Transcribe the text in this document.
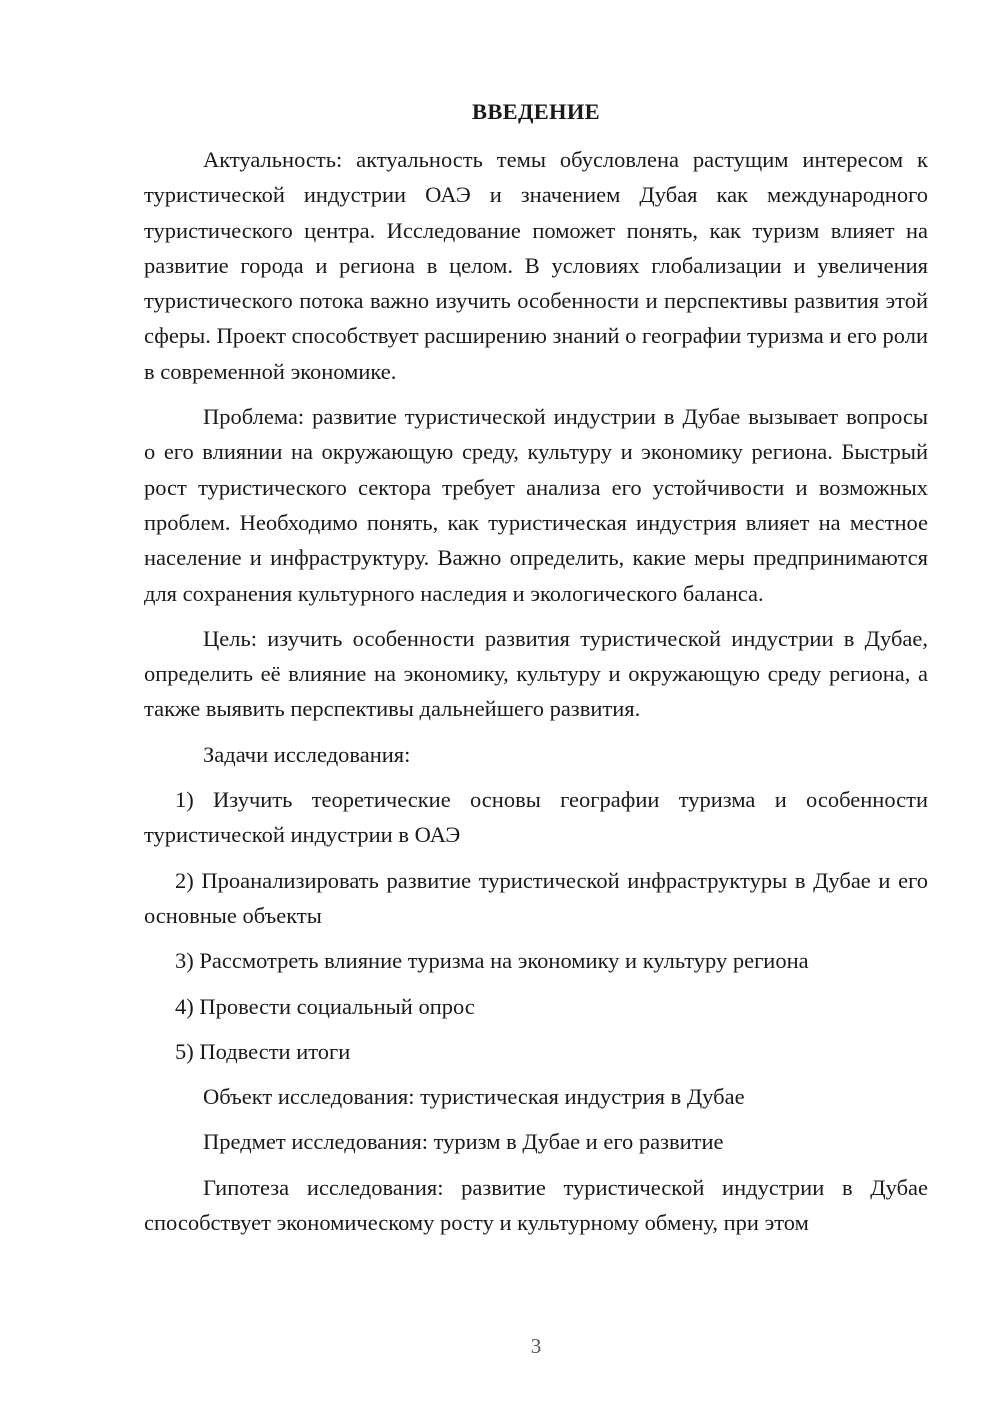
ВВЕДЕНИЕ

Актуальность: актуальность темы обусловлена растущим интересом к туристической индустрии ОАЭ и значением Дубая как международного туристического центра. Исследование поможет понять, как туризм влияет на развитие города и региона в целом. В условиях глобализации и увеличения туристического потока важно изучить особенности и перспективы развития этой сферы. Проект способствует расширению знаний о географии туризма и его роли в современной экономике.

Проблема: развитие туристической индустрии в Дубае вызывает вопросы о его влиянии на окружающую среду, культуру и экономику региона. Быстрый рост туристического сектора требует анализа его устойчивости и возможных проблем. Необходимо понять, как туристическая индустрия влияет на местное население и инфраструктуру. Важно определить, какие меры предпринимаются для сохранения культурного наследия и экологического баланса.

Цель: изучить особенности развития туристической индустрии в Дубае, определить её влияние на экономику, культуру и окружающую среду региона, а также выявить перспективы дальнейшего развития.

Задачи исследования:

1) Изучить теоретические основы географии туризма и особенности туристической индустрии в ОАЭ

2) Проанализировать развитие туристической инфраструктуры в Дубае и его основные объекты

3) Рассмотреть влияние туризма на экономику и культуру региона

4) Провести социальный опрос

5) Подвести итоги

Объект исследования: туристическая индустрия в Дубае

Предмет исследования: туризм в Дубае и его развитие

Гипотеза исследования: развитие туристической индустрии в Дубае способствует экономическому росту и культурному обмену, при этом

3
